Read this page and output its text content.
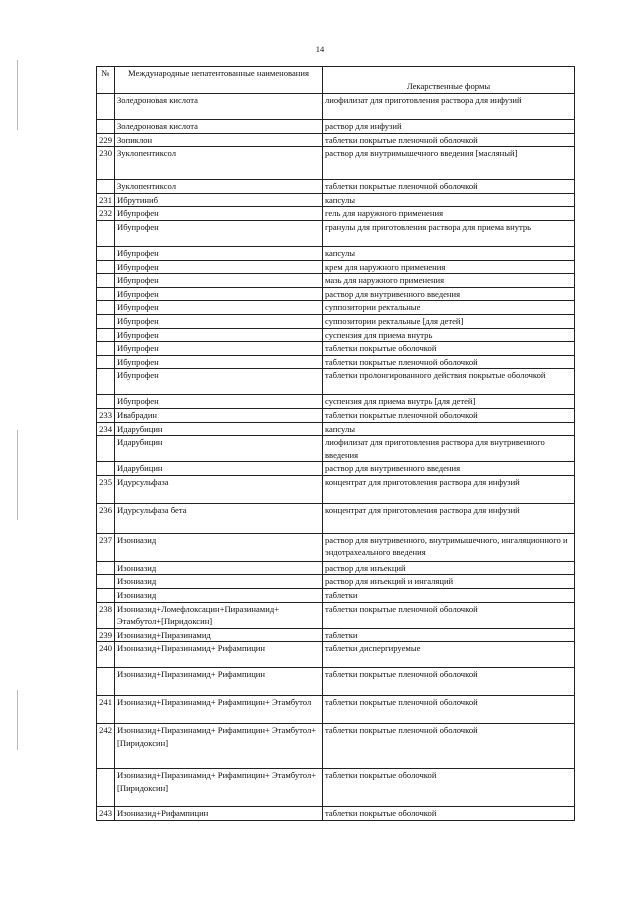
14
№	Международные непатентованные наименования	Лекарственные формы
	Золедроновая кислота	лиофилизат для приготовления раствора для инфузий
	Золедроновая кислота	раствор для инфузий
229	Зопиклон	таблетки покрытые пленочной оболочкой
230	Зуклопентиксол	раствор для внутримышечного введения [масляный]
	Зуклопентиксол	таблетки покрытые пленочной оболочкой
231	Ибрутиниб	капсулы
232	Ибупрофен	гель для наружного применения
	Ибупрофен	гранулы для приготовления раствора для приема внутрь
	Ибупрофен	капсулы
	Ибупрофен	крем для наружного применения
	Ибупрофен	мазь для наружного применения
	Ибупрофен	раствор для внутривенного введения
	Ибупрофен	суппозитории ректальные
	Ибупрофен	суппозитории ректальные [для детей]
	Ибупрофен	суспензия для приема внутрь
	Ибупрофен	таблетки покрытые оболочкой
	Ибупрофен	таблетки покрытые пленочной оболочкой
	Ибупрофен	таблетки пролонгированного действия покрытые оболочкой
	Ибупрофен	суспензия для приема внутрь [для детей]
233	Ивабрадин	таблетки покрытые пленочной оболочкой
234	Идарубицин	капсулы
	Идарубицин	лиофилизат для приготовления раствора для внутривенного введения
	Идарубицин	раствор для внутривенного введения
235	Идурсульфаза	концентрат для приготовления раствора для инфузий
236	Идурсульфаза бета	концентрат для приготовления раствора для инфузий
237	Изониазид	раствор для внутривенного, внутримышечного, ингаляционного и эндотрахеального введения
	Изониазид	раствор для инъекций
	Изониазид	раствор для инъекций и ингаляций
	Изониазид	таблетки
238	Изониазид+Ломефлоксацин+Пиразинамид+ Этамбутол+[Пиридоксин]	таблетки покрытые пленочной оболочкой
239	Изониазид+Пиразинамид	таблетки
240	Изониазид+Пиразинамид+ Рифампицин	таблетки диспергируемые
	Изониазид+Пиразинамид+ Рифампицин	таблетки покрытые пленочной оболочкой
241	Изониазид+Пиразинамид+ Рифампицин+ Этамбутол	таблетки покрытые пленочной оболочкой
242	Изониазид+Пиразинамид+ Рифампицин+ Этамбутол+[Пиридоксин]	таблетки покрытые пленочной оболочкой
	Изониазид+Пиразинамид+ Рифампицин+ Этамбутол+[Пиридоксин]	таблетки покрытые оболочкой
243	Изониазид+Рифампицин	таблетки покрытые оболочкой
